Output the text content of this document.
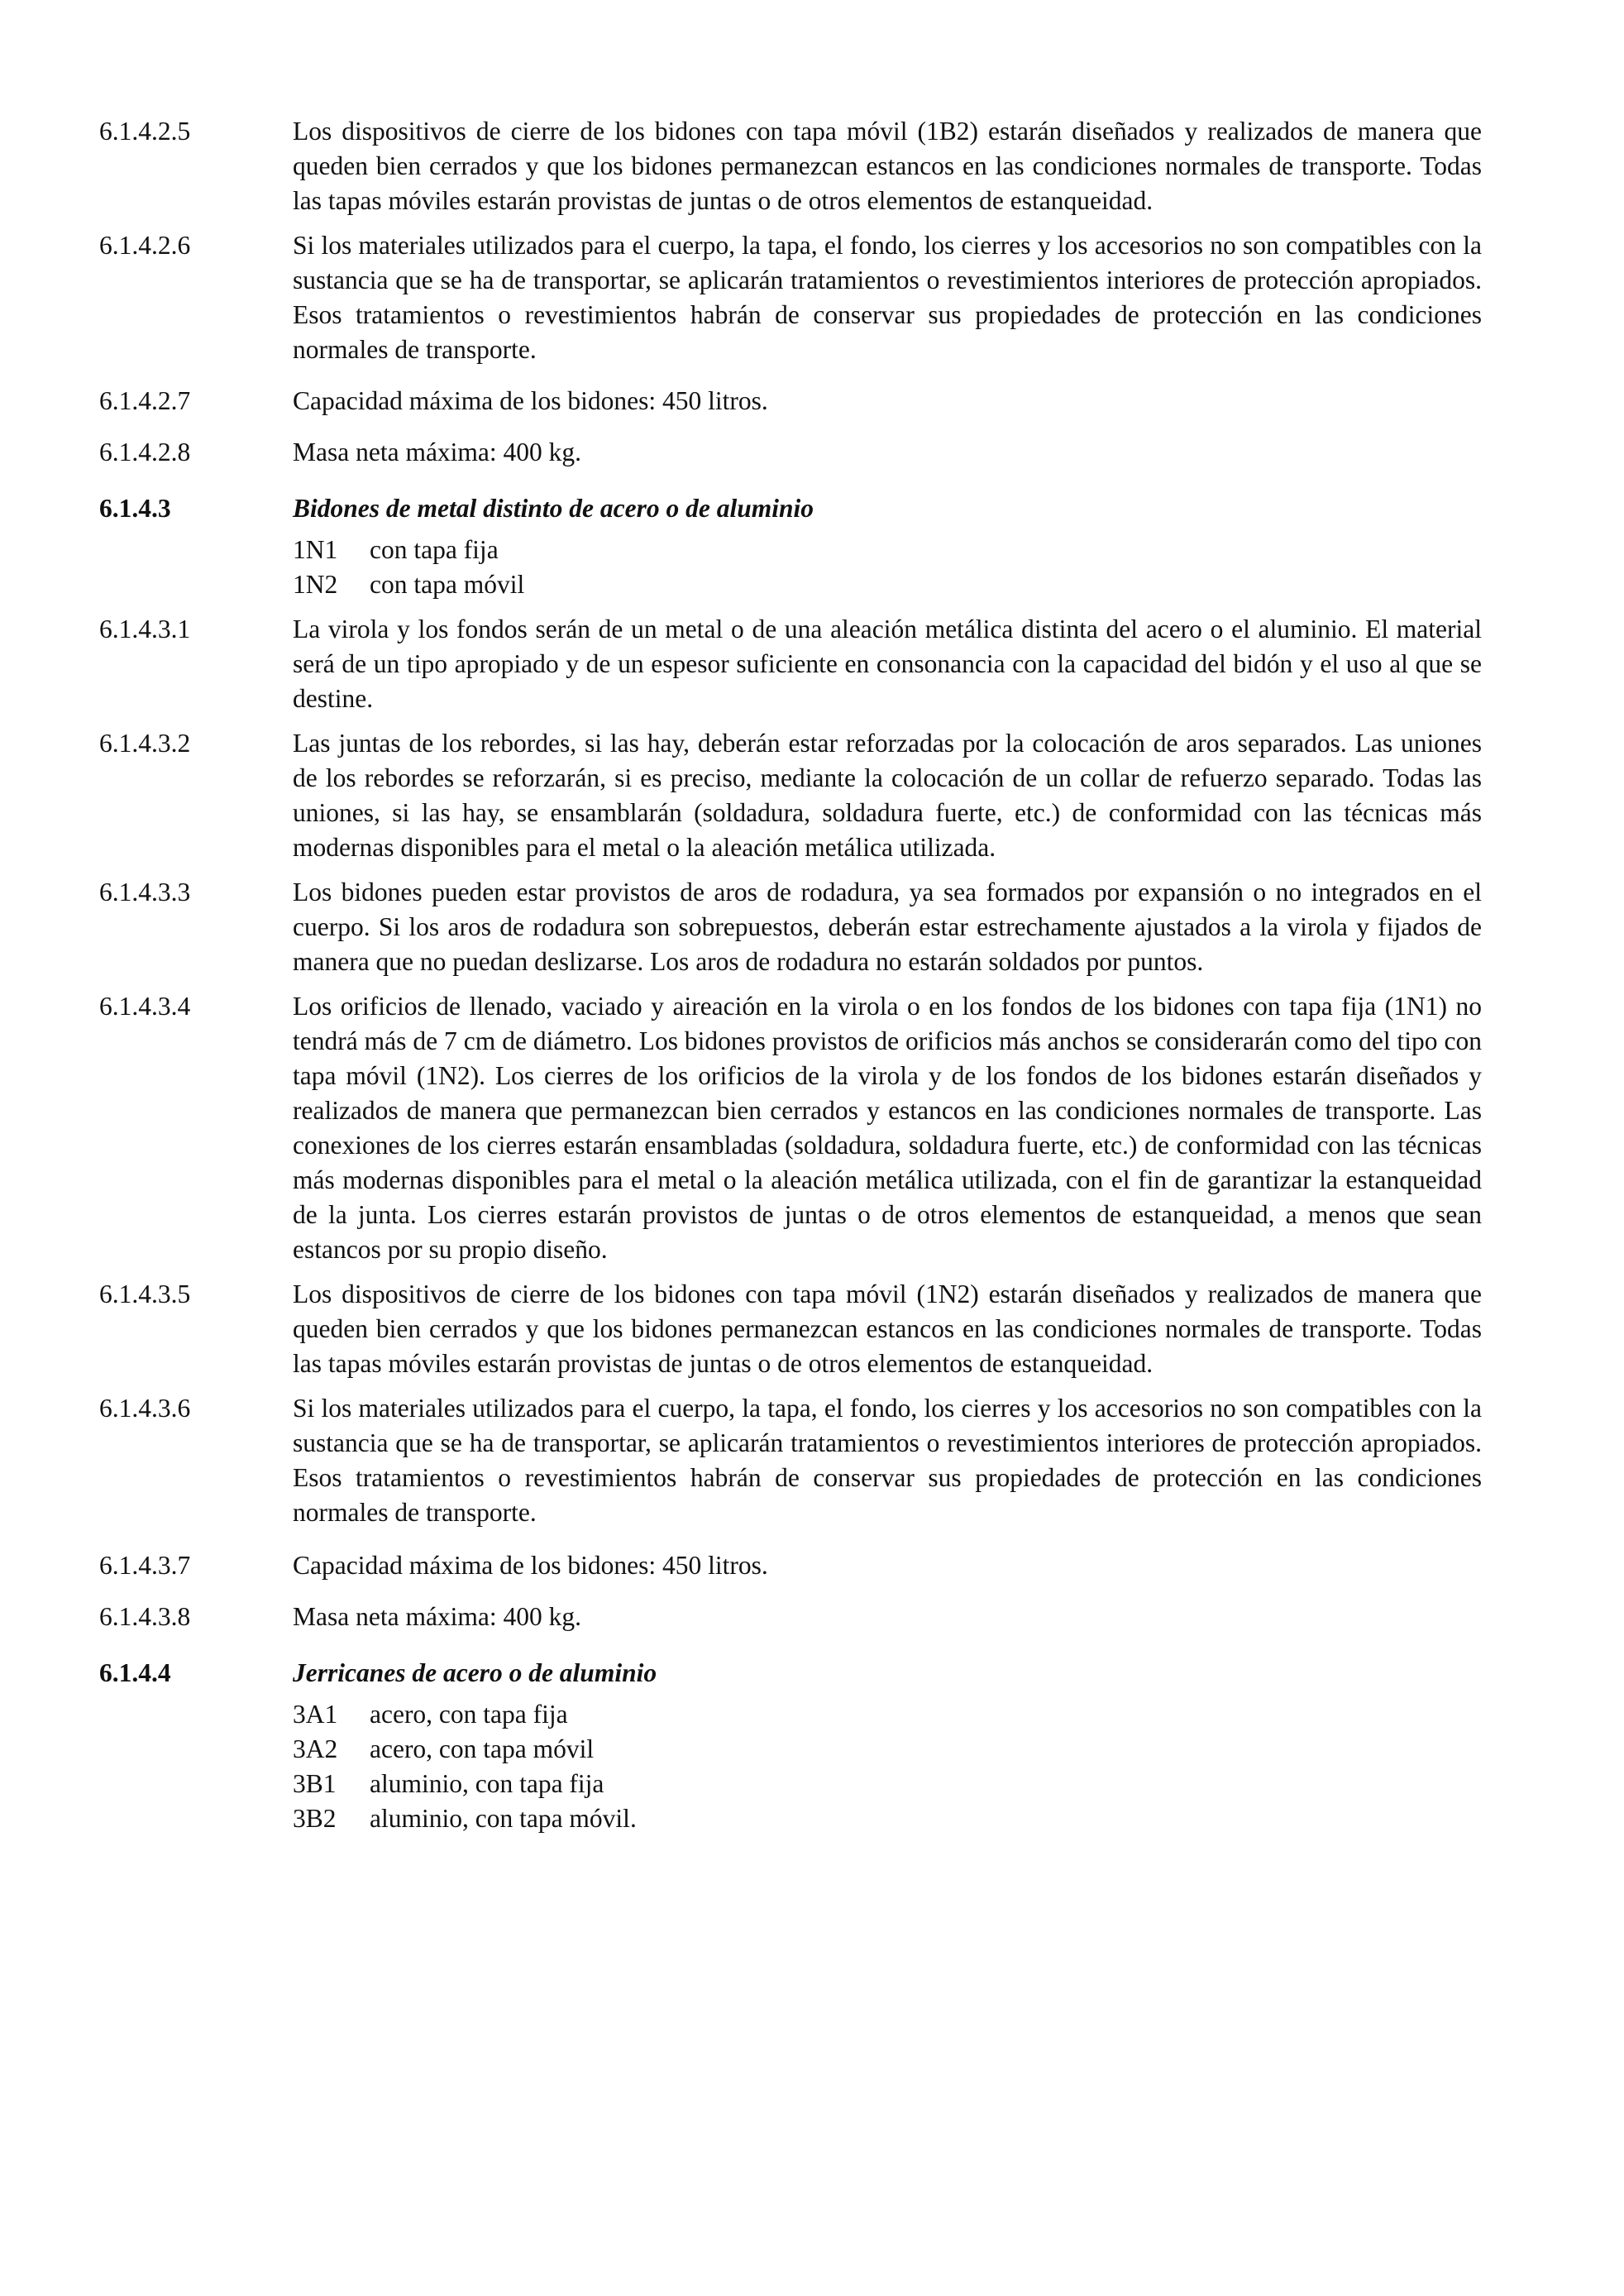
6.1.4.2.5	Los dispositivos de cierre de los bidones con tapa móvil (1B2) estarán diseñados y realizados de manera que queden bien cerrados y que los bidones permanezcan estancos en las condiciones normales de transporte. Todas las tapas móviles estarán provistas de juntas o de otros elementos de estanqueidad.
6.1.4.2.6	Si los materiales utilizados para el cuerpo, la tapa, el fondo, los cierres y los accesorios no son compatibles con la sustancia que se ha de transportar, se aplicarán tratamientos o revestimientos interiores de protección apropiados. Esos tratamientos o revestimientos habrán de conservar sus propiedades de protección en las condiciones normales de transporte.
6.1.4.2.7	Capacidad máxima de los bidones: 450 litros.
6.1.4.2.8	Masa neta máxima: 400 kg.
6.1.4.3	Bidones de metal distinto de acero o de aluminio
1N1	con tapa fija
1N2	con tapa móvil
6.1.4.3.1	La virola y los fondos serán de un metal o de una aleación metálica distinta del acero o el aluminio. El material será de un tipo apropiado y de un espesor suficiente en consonancia con la capacidad del bidón y el uso al que se destine.
6.1.4.3.2	Las juntas de los rebordes, si las hay, deberán estar reforzadas por la colocación de aros separados. Las uniones de los rebordes se reforzarán, si es preciso, mediante la colocación de un collar de refuerzo separado. Todas las uniones, si las hay, se ensamblarán (soldadura, soldadura fuerte, etc.) de conformidad con las técnicas más modernas disponibles para el metal o la aleación metálica utilizada.
6.1.4.3.3	Los bidones pueden estar provistos de aros de rodadura, ya sea formados por expansión o no integrados en el cuerpo. Si los aros de rodadura son sobrepuestos, deberán estar estrechamente ajustados a la virola y fijados de manera que no puedan deslizarse. Los aros de rodadura no estarán soldados por puntos.
6.1.4.3.4	Los orificios de llenado, vaciado y aireación en la virola o en los fondos de los bidones con tapa fija (1N1) no tendrá más de 7 cm de diámetro. Los bidones provistos de orificios más anchos se considerarán como del tipo con tapa móvil (1N2). Los cierres de los orificios de la virola y de los fondos de los bidones estarán diseñados y realizados de manera que permanezcan bien cerrados y estancos en las condiciones normales de transporte. Las conexiones de los cierres estarán ensambladas (soldadura, soldadura fuerte, etc.) de conformidad con las técnicas más modernas disponibles para el metal o la aleación metálica utilizada, con el fin de garantizar la estanqueidad de la junta. Los cierres estarán provistos de juntas o de otros elementos de estanqueidad, a menos que sean estancos por su propio diseño.
6.1.4.3.5	Los dispositivos de cierre de los bidones con tapa móvil (1N2) estarán diseñados y realizados de manera que queden bien cerrados y que los bidones permanezcan estancos en las condiciones normales de transporte. Todas las tapas móviles estarán provistas de juntas o de otros elementos de estanqueidad.
6.1.4.3.6	Si los materiales utilizados para el cuerpo, la tapa, el fondo, los cierres y los accesorios no son compatibles con la sustancia que se ha de transportar, se aplicarán tratamientos o revestimientos interiores de protección apropiados. Esos tratamientos o revestimientos habrán de conservar sus propiedades de protección en las condiciones normales de transporte.
6.1.4.3.7	Capacidad máxima de los bidones: 450 litros.
6.1.4.3.8	Masa neta máxima: 400 kg.
6.1.4.4	Jerricanes de acero o de aluminio
3A1	acero, con tapa fija
3A2	acero, con tapa móvil
3B1	aluminio, con tapa fija
3B2	aluminio, con tapa móvil.
